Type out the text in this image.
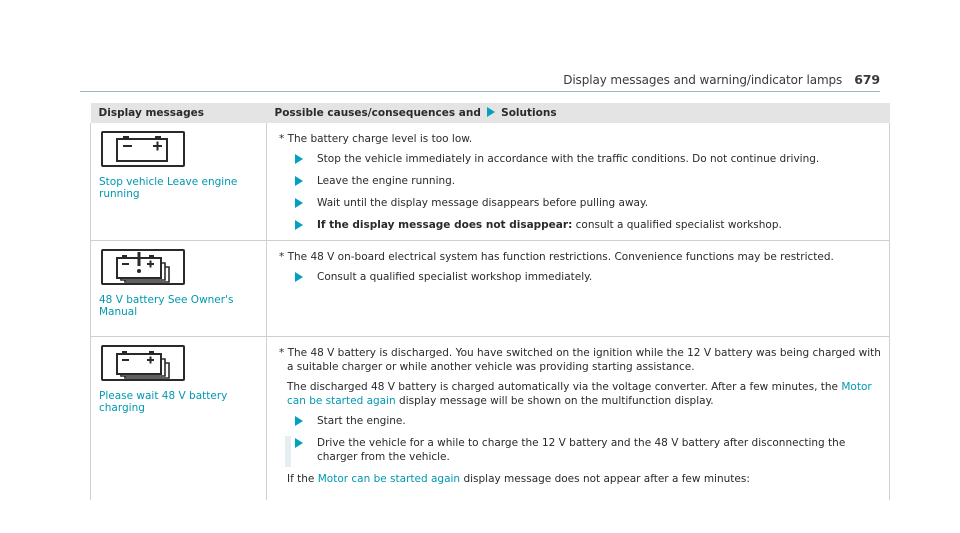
Display messages and warning/indicator lamps 679
Display messages	Possible causes/consequences and Solutions

Stop vehicle Leave engine running	* The battery charge level is too low.
Stop the vehicle immediately in accordance with the traffic conditions. Do not continue driving.
Leave the engine running.
Wait until the display message disappears before pulling away.
If the display message does not disappear: consult a qualified specialist workshop.

48 V battery See Owner's Manual	* The 48 V on-board electrical system has function restrictions. Convenience functions may be restricted.
Consult a qualified specialist workshop immediately.

Please wait 48 V battery charging	* The 48 V battery is discharged. You have switched on the ignition while the 12 V battery was being charged with a suitable charger or while another vehicle was providing starting assistance.
The discharged 48 V battery is charged automatically via the voltage converter. After a few minutes, the Motor can be started again display message will be shown on the multifunction display.
Start the engine.
Drive the vehicle for a while to charge the 12 V battery and the 48 V battery after disconnecting the charger from the vehicle.
If the Motor can be started again display message does not appear after a few minutes:
